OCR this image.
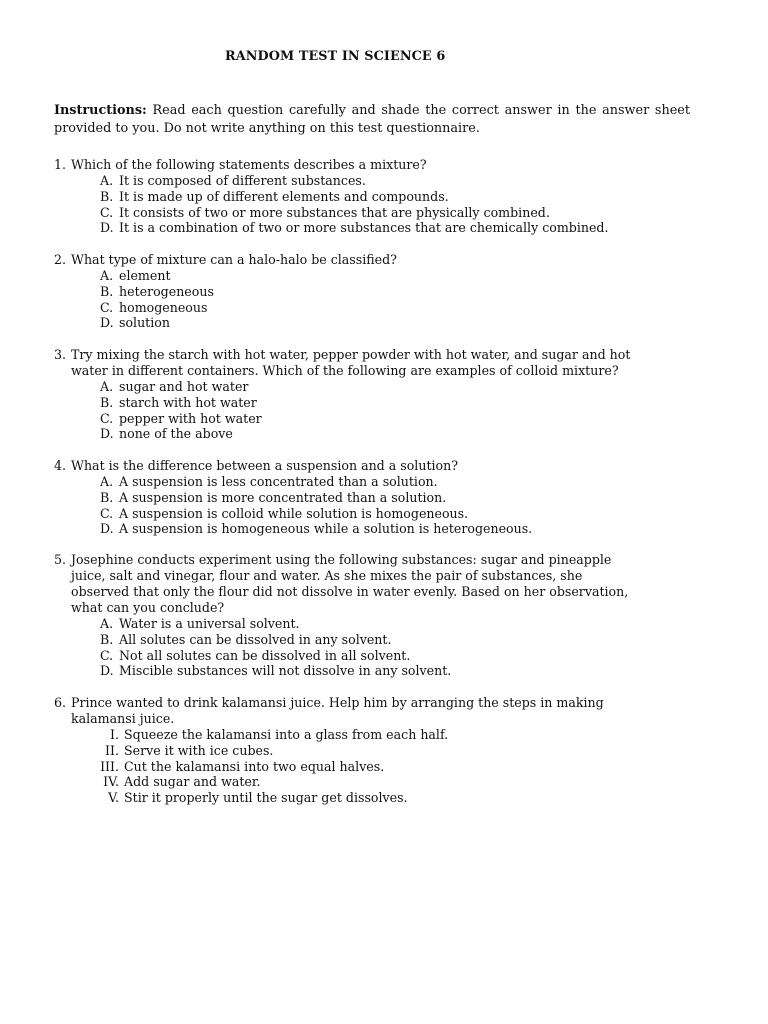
RANDOM TEST IN SCIENCE 6
Instructions: Read each question carefully and shade the correct answer in the answer sheet provided to you. Do not write anything on this test questionnaire.
1. Which of the following statements describes a mixture?
A. It is composed of different substances.
B. It is made up of different elements and compounds.
C. It consists of two or more substances that are physically combined.
D. It is a combination of two or more substances that are chemically combined.
2. What type of mixture can a halo-halo be classified?
A. element
B. heterogeneous
C. homogeneous
D. solution
3. Try mixing the starch with hot water, pepper powder with hot water, and sugar and hot
water in different containers. Which of the following are examples of colloid mixture?
A. sugar and hot water
B. starch with hot water
C. pepper with hot water
D. none of the above
4. What is the difference between a suspension and a solution?
A. A suspension is less concentrated than a solution.
B. A suspension is more concentrated than a solution.
C. A suspension is colloid while solution is homogeneous.
D. A suspension is homogeneous while a solution is heterogeneous.
5. Josephine conducts experiment using the following substances: sugar and pineapple
juice, salt and vinegar, flour and water. As she mixes the pair of substances, she
observed that only the flour did not dissolve in water evenly. Based on her observation,
what can you conclude?
A. Water is a universal solvent.
B. All solutes can be dissolved in any solvent.
C. Not all solutes can be dissolved in all solvent.
D. Miscible substances will not dissolve in any solvent.
6. Prince wanted to drink kalamansi juice. Help him by arranging the steps in making
kalamansi juice.
I. Squeeze the kalamansi into a glass from each half.
II. Serve it with ice cubes.
III. Cut the kalamansi into two equal halves.
IV. Add sugar and water.
V. Stir it properly until the sugar get dissolves.
